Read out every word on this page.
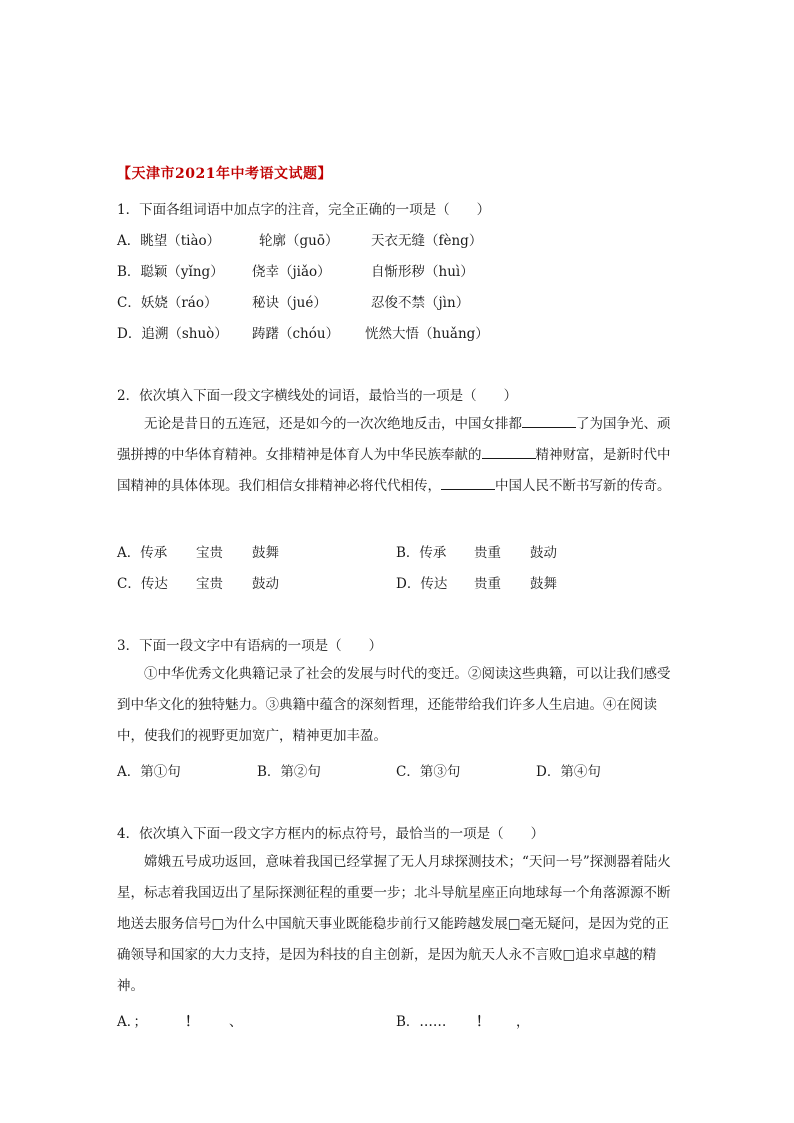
【天津市2021年中考语文试题】
1．下面各组词语中加点字的注音，完全正确的一项是（　　）
A．眺望（tiào）	轮廓（guō） 天衣无缝（fèng）
B．聪颖（yǐng） 侥幸（jiǎo）	自惭形秽（huì）
C．妖娆（ráo）	秘诀（jué）	忍俊不禁（jìn）
D．追溯（shuò） 踌躇（chóu） 恍然大悟（huǎng）
2．依次填入下面一段文字横线处的词语，最恰当的一项是（　　）
无论是昔日的五连冠，还是如今的一次次绝地反击，中国女排都	了为国争光、顽强拼搏的中华体育精神。女排精神是体育人为中华民族奉献的	精神财富，是新时代中国精神的具体体现。我们相信女排精神必将代代相传，	中国人民不断书写新的传奇。
A．传承 宝贵 鼓舞	B．传承 贵重 鼓动
C．传达 宝贵 鼓动	D．传达 贵重 鼓舞
3．下面一段文字中有语病的一项是（　　）
①中华优秀文化典籍记录了社会的发展与时代的变迁。②阅读这些典籍，可以让我们感受到中华文化的独特魅力。③典籍中蕴含的深刻哲理，还能带给我们许多人生启迪。④在阅读中，使我们的视野更加宽广，精神更加丰盈。
A．第①句	B．第②句	C．第③句	D．第④句
4．依次填入下面一段文字方框内的标点符号，最恰当的一项是（　　）
嫦娥五号成功返回，意味着我国已经掌握了无人月球探测技术；“天问一号”探测器着陆火星，标志着我国迈出了星际探测征程的重要一步；北斗导航星座正向地球每一个角落源源不断地送去服务信号□为什么中国航天事业既能稳步前行又能跨越发展□毫无疑问，是因为党的正确领导和国家的大力支持，是因为科技的自主创新，是因为航天人永不言败□追求卓越的精神。
A．；	！ 、	B．…… ！ ，
